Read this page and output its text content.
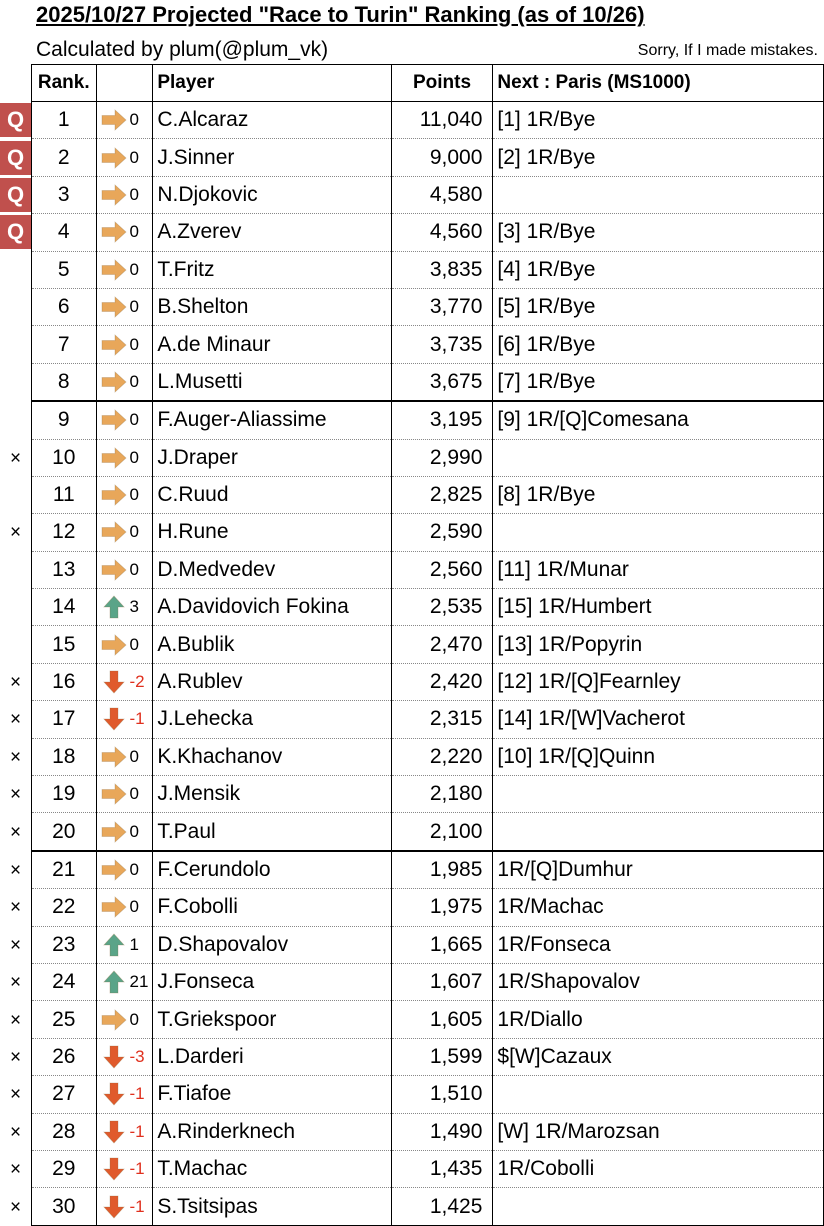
2025/10/27 Projected "Race to Turin" Ranking (as of 10/26)
Calculated by plum(@plum_vk)	Sorry, If I made mistakes.
	Rank.		Player	Points	Next : Paris (MS1000)

Q	1	0	C.Alcaraz	11,040	[1] 1R/Bye

Q	2	0	J.Sinner	9,000	[2] 1R/Bye

Q	3	0	N.Djokovic	4,580	

Q	4	0	A.Zverev	4,560	[3] 1R/Bye
	5	0	T.Fritz	3,835	[4] 1R/Bye
	6	0	B.Shelton	3,770	[5] 1R/Bye
	7	0	A.de Minaur	3,735	[6] 1R/Bye
	8	0	L.Musetti	3,675	[7] 1R/Bye
	9	0	F.Auger-Aliassime	3,195	[9] 1R/[Q]Comesana
×	10	0	J.Draper	2,990	
	11	0	C.Ruud	2,825	[8] 1R/Bye
×	12	0	H.Rune	2,590	
	13	0	D.Medvedev	2,560	[11] 1R/Munar
	14	3	A.Davidovich Fokina	2,535	[15] 1R/Humbert
	15	0	A.Bublik	2,470	[13] 1R/Popyrin
×	16	-2	A.Rublev	2,420	[12] 1R/[Q]Fearnley
×	17	-1	J.Lehecka	2,315	[14] 1R/[W]Vacherot
×	18	0	K.Khachanov	2,220	[10] 1R/[Q]Quinn
×	19	0	J.Mensik	2,180	
×	20	0	T.Paul	2,100	
×	21	0	F.Cerundolo	1,985	1R/[Q]Dumhur
×	22	0	F.Cobolli	1,975	1R/Machac
×	23	1	D.Shapovalov	1,665	1R/Fonseca
×	24	21	J.Fonseca	1,607	1R/Shapovalov
×	25	0	T.Griekspoor	1,605	1R/Diallo
×	26	-3	L.Darderi	1,599	$[W]Cazaux
×	27	-1	F.Tiafoe	1,510	
×	28	-1	A.Rinderknech	1,490	[W] 1R/Marozsan
×	29	-1	T.Machac	1,435	1R/Cobolli
×	30	-1	S.Tsitsipas	1,425	
